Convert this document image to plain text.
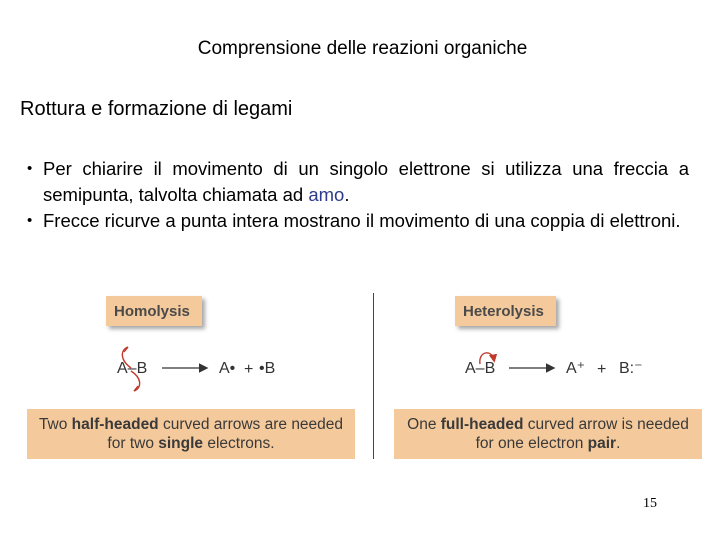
Comprensione delle reazioni organiche
Rottura e formazione di legami
• Per chiarire il movimento di un singolo elettrone si utilizza una freccia a semipunta, talvolta chiamata ad amo.
• Frecce ricurve a punta intera mostrano il movimento di una coppia di elettroni.
Homolysis
A–B	A• + •B
Two half-headed curved arrows are needed
for two single electrons.
Heterolysis
A–B	A⁺ + B:⁻
One full-headed curved arrow is needed
for one electron pair.
15
